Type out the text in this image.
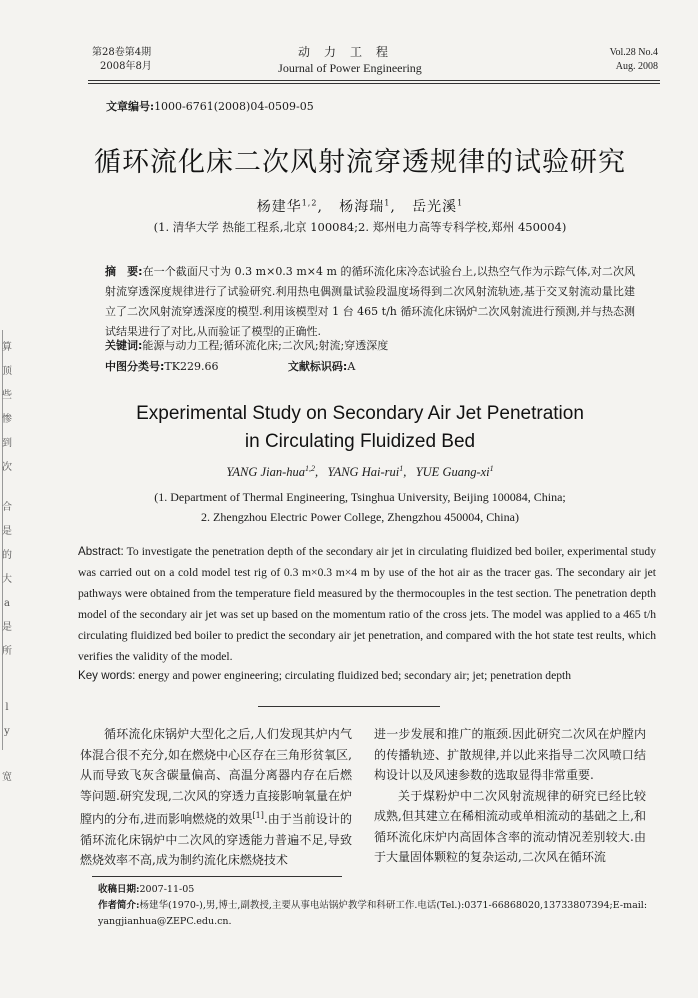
算
顶
些
惨
到
次
合
是
的
大
a
是
所
l
y
宽
第28卷第4期
2008年8月
动力工程
Journal of Power Engineering
Vol.28 No.4
Aug. 2008
文章编号:1000-6761(2008)04-0509-05
循环流化床二次风射流穿透规律的试验研究
杨建华$^{1,2}$,   杨海瑞$^1$,   岳光溪$^1$
(1. 清华大学 热能工程系,北京 100084;2. 郑州电力高等专科学校,郑州 450004)
摘　要:在一个截面尺寸为 0.3 m×0.3 m×4 m 的循环流化床冷态试验台上,以热空气作为示踪气体,对二次风射流穿透深度规律进行了试验研究.利用热电偶测量试验段温度场得到二次风射流轨迹,基于交叉射流动量比建立了二次风射流穿透深度的模型.利用该模型对 1 台 465 t/h 循环流化床锅炉二次风射流进行预测,并与热态测试结果进行了对比,从而验证了模型的正确性.
关键词:能源与动力工程;循环流化床;二次风;射流;穿透深度
中图分类号:TK229.66	文献标识码:A
Experimental Study on Secondary Air Jet Penetration
in Circulating Fluidized Bed
YANG Jian-hua$^{1,2}$,   YANG Hai-rui$^1$,   YUE Guang-$xi^1$
(1. Department of Thermal Engineering, Tsinghua University, Beijing 100084, China;
2. Zhengzhou Electric Power College, Zhengzhou 450004, China)
Abstract: To investigate the penetration depth of the secondary air jet in circulating fluidized bed boiler, experimental study was carried out on a cold model test rig of 0.3 m×0.3 m×4 m by use of the hot air as the tracer gas. The secondary air jet pathways were obtained from the temperature field measured by the thermocouples in the test section. The penetration depth model of the secondary air jet was set up based on the momentum ratio of the cross jets. The model was applied to a 465 t/h circulating fluidized bed boiler to predict the secondary air jet penetration, and compared with the hot state test reults, which verifies the validity of the model.
Key words: energy and power engineering; circulating fluidized bed; secondary air; jet; penetration depth
循环流化床锅炉大型化之后,人们发现其炉内气体混合很不充分,如在燃烧中心区存在三角形贫氧区,从而导致飞灰含碳量偏高、高温分离器内存在后燃等问题.研究发现,二次风的穿透力直接影响氧量在炉膛内的分布,进而影响燃烧的效果[1].由于当前设计的循环流化床锅炉中二次风的穿透能力普遍不足,导致燃烧效率不高,成为制约流化床燃烧技术

进一步发展和推广的瓶颈.因此研究二次风在炉膛内的传播轨迹、扩散规律,并以此来指导二次风喷口结构设计以及风速参数的选取显得非常重要.

关于煤粉炉中二次风射流规律的研究已经比较成熟,但其建立在稀相流动或单相流动的基础之上,和循环流化床炉内高固体含率的流动情况差别较大.由于大量固体颗粒的复杂运动,二次风在循环流

收稿日期:2007-11-05
作者简介:杨建华(1970-),男,博士,副教授,主要从事电站锅炉教学和科研工作.电话(Tel.):0371-66868020,13733807394;E-mail:
yangjianhua@ZEPC.edu.cn.
